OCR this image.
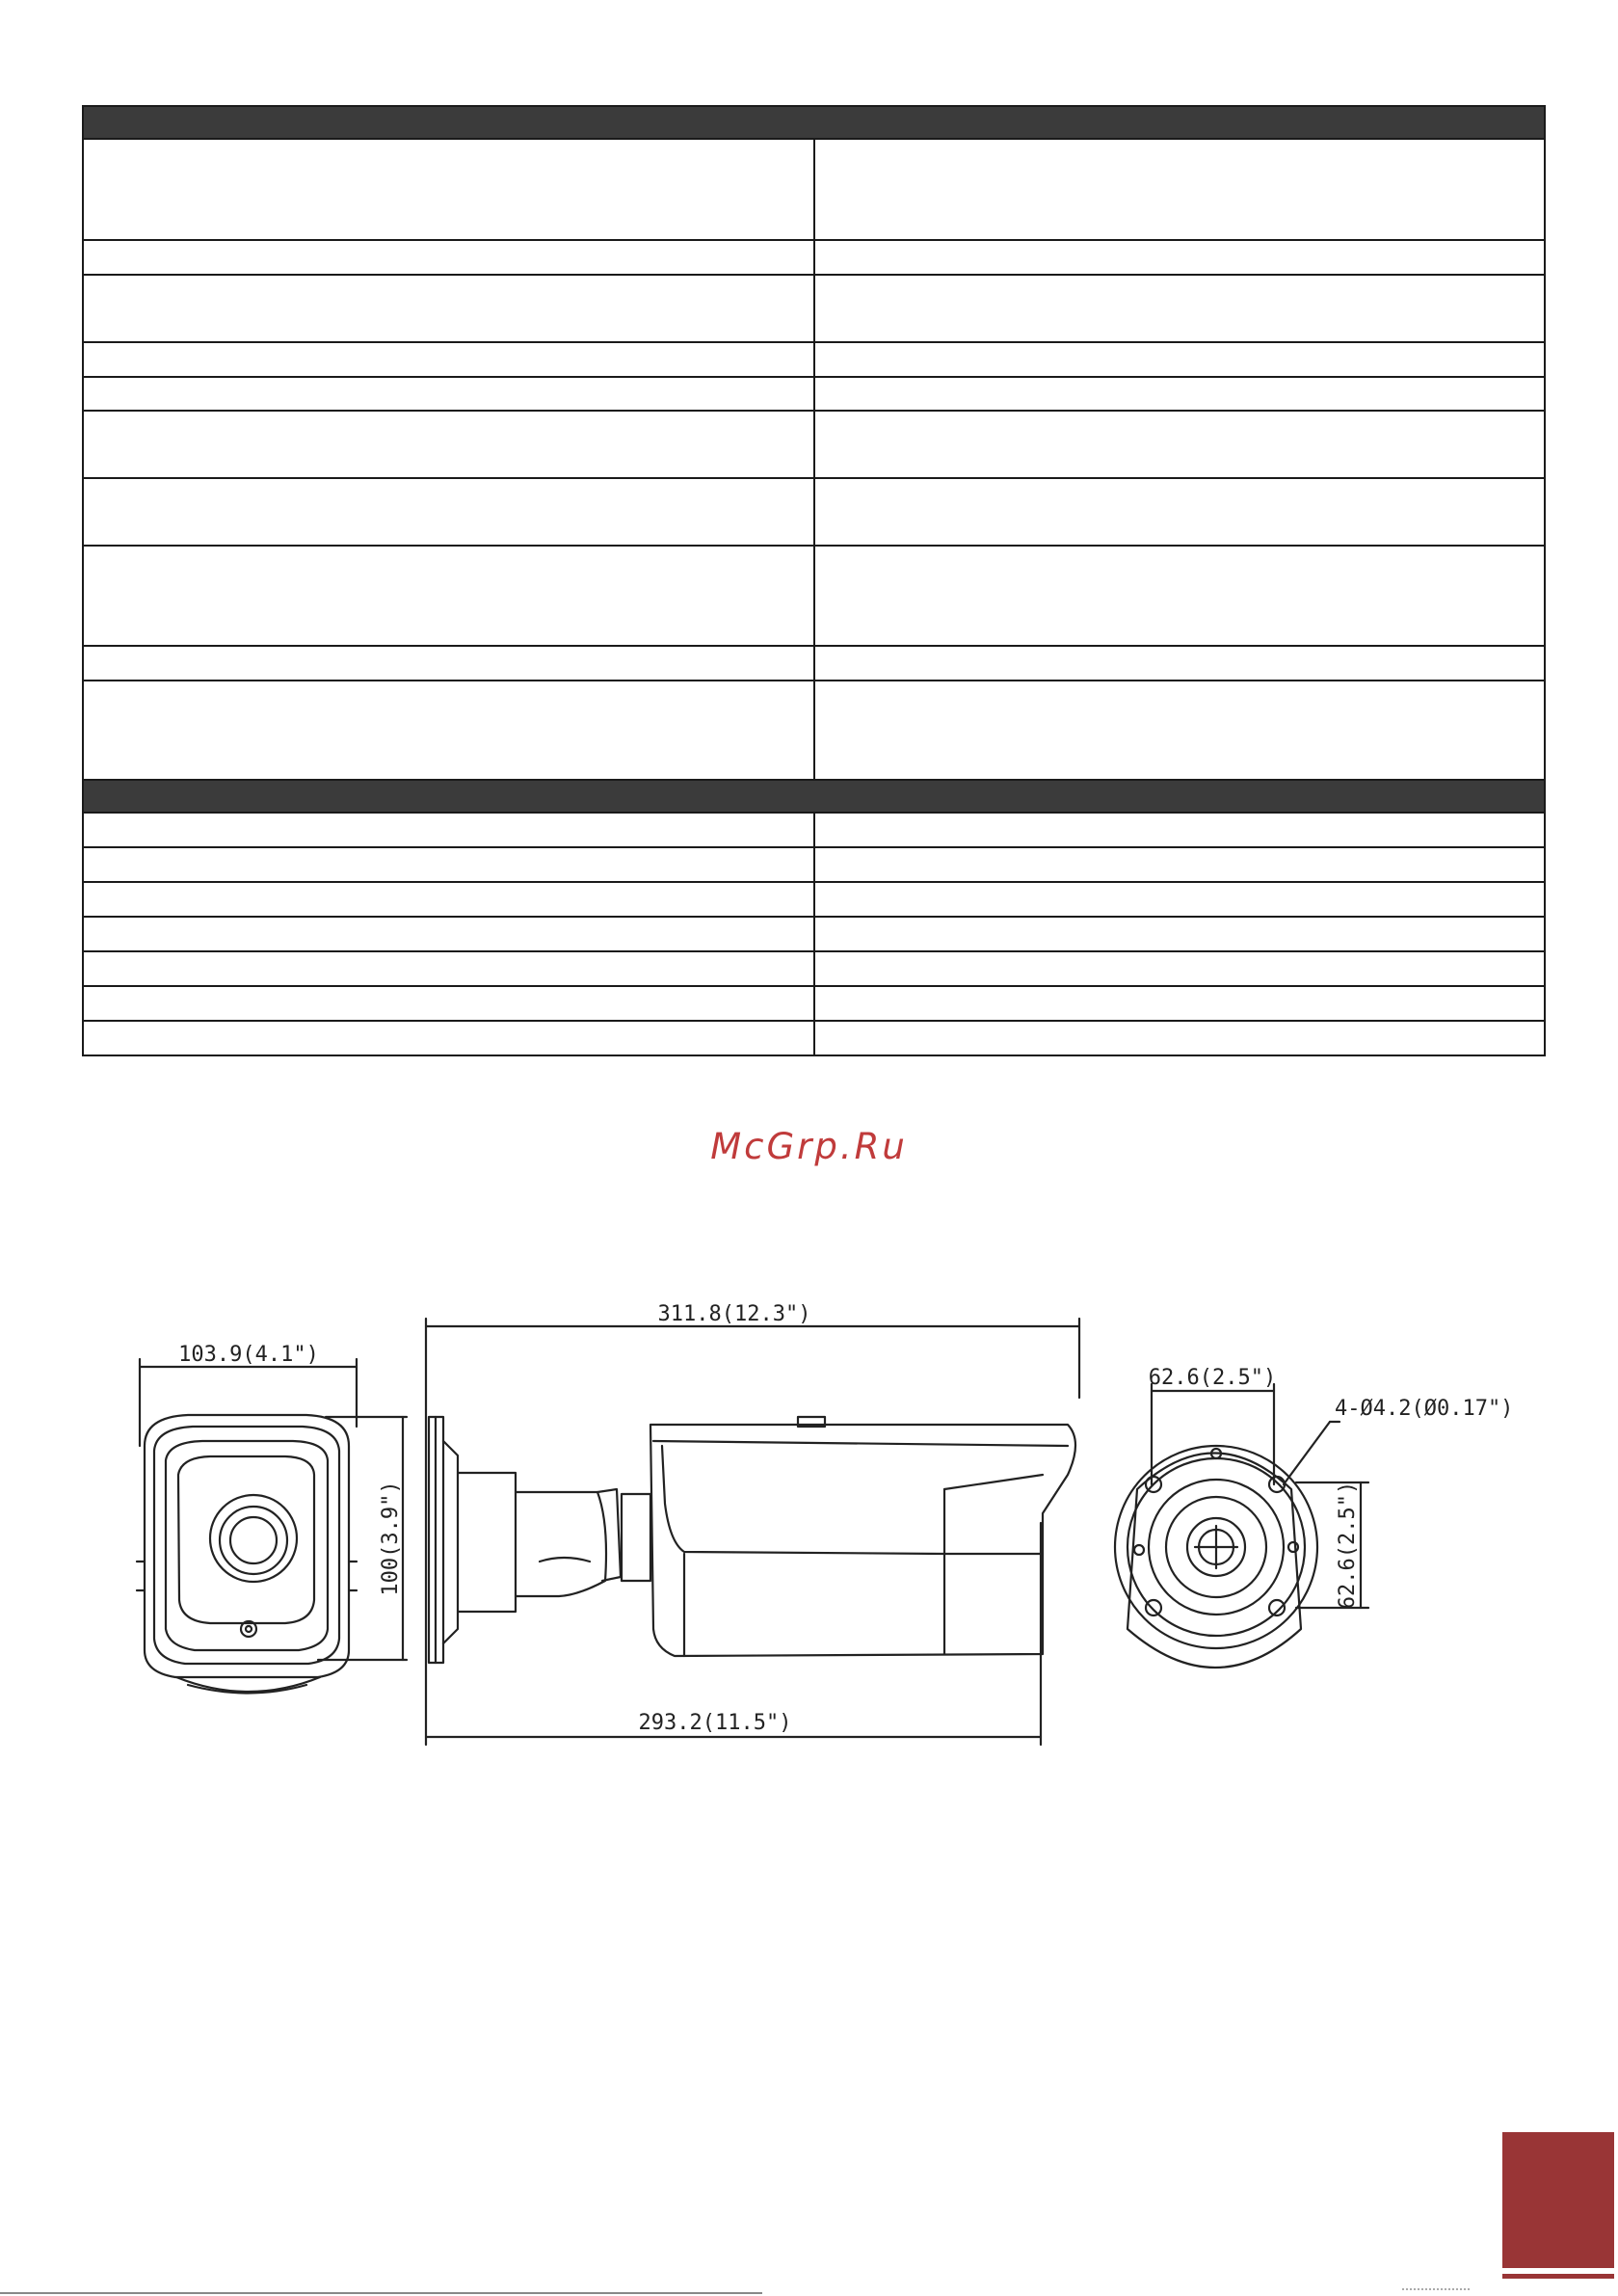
McGrp.Ru
103.9(4.1")
100(3.9")
311.8(12.3")
293.2(11.5")
62.6(2.5")
62.6(2.5")
4-Ø4.2(Ø0.17")
